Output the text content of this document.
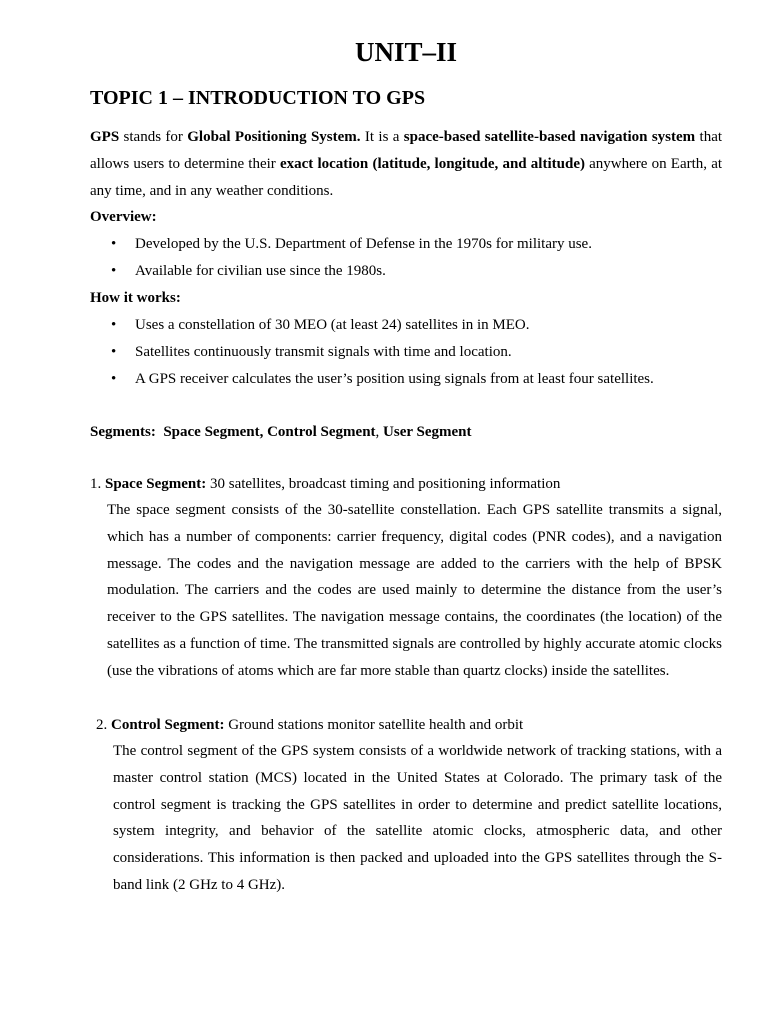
UNIT–II
TOPIC 1 – INTRODUCTION TO GPS

GPS stands for Global Positioning System. It is a space-based satellite-based navigation system that allows users to determine their exact location (latitude, longitude, and altitude) anywhere on Earth, at any time, and in any weather conditions.

Overview:
• Developed by the U.S. Department of Defense in the 1970s for military use.
• Available for civilian use since the 1980s.
How it works:
• Uses a constellation of 30 MEO (at least 24) satellites in in MEO.
• Satellites continuously transmit signals with time and location.
• A GPS receiver calculates the user’s position using signals from at least four satellites.
Segments: Space Segment, Control Segment, User Segment
1. Space Segment: 30 satellites, broadcast timing and positioning information

The space segment consists of the 30-satellite constellation. Each GPS satellite transmits a signal, which has a number of components: carrier frequency, digital codes (PNR codes), and a navigation message. The codes and the navigation message are added to the carriers with the help of BPSK modulation. The carriers and the codes are used mainly to determine the distance from the user’s receiver to the GPS satellites. The navigation message contains, the coordinates (the location) of the satellites as a function of time. The transmitted signals are controlled by highly accurate atomic clocks (use the vibrations of atoms which are far more stable than quartz clocks) inside the satellites.

2. Control Segment: Ground stations monitor satellite health and orbit

The control segment of the GPS system consists of a worldwide network of tracking stations, with a master control station (MCS) located in the United States at Colorado. The primary task of the control segment is tracking the GPS satellites in order to determine and predict satellite locations, system integrity, and behavior of the satellite atomic clocks, atmospheric data, and other considerations. This information is then packed and uploaded into the GPS satellites through the S-band link (2 GHz to 4 GHz).
